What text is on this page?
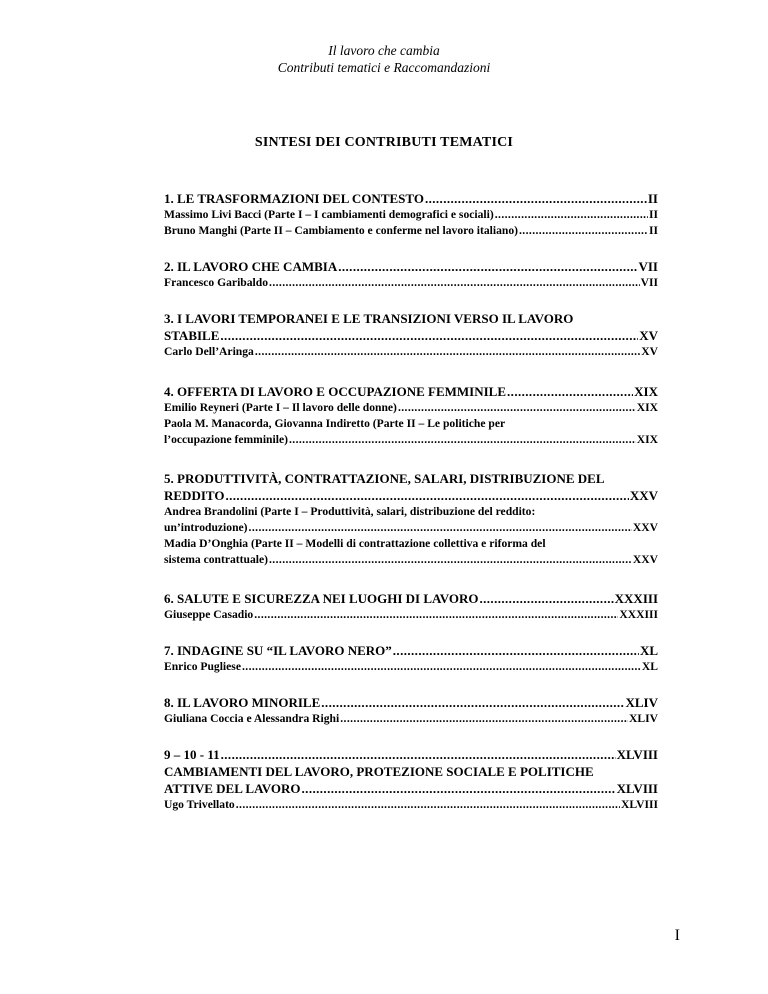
Il lavoro che cambia
Contributi tematici e Raccomandazioni
SINTESI DEI CONTRIBUTI TEMATICI
1. LE TRASFORMAZIONI DEL CONTESTO .....	II
Massimo Livi Bacci (Parte I – I cambiamenti demografici e sociali) .....	II
Bruno Manghi (Parte II – Cambiamento e conferme nel lavoro italiano) .....	II
2. IL LAVORO CHE CAMBIA .....	VII
Francesco Garibaldo .....	VII
3. I LAVORI TEMPORANEI E LE TRANSIZIONI VERSO IL LAVORO
STABILE .....	XV
Carlo Dell’Aringa .....	XV
4. OFFERTA DI LAVORO E OCCUPAZIONE FEMMINILE .....	XIX
Emilio Reyneri (Parte I – Il lavoro delle donne) .....	XIX
Paola M. Manacorda, Giovanna Indiretto (Parte II – Le politiche per
l’occupazione femminile) .....	XIX
5. PRODUTTIVITÀ, CONTRATTAZIONE, SALARI, DISTRIBUZIONE DEL
REDDITO .....	XXV
Andrea Brandolini (Parte I – Produttività, salari, distribuzione del reddito:
un’introduzione) .....	XXV
Madia D’Onghia (Parte II – Modelli di contrattazione collettiva e riforma del
sistema contrattuale) .....	XXV
6. SALUTE E SICUREZZA NEI LUOGHI DI LAVORO .....	XXXIII
Giuseppe Casadio .....	XXXIII
7. INDAGINE SU “IL LAVORO NERO” .....	XL
Enrico Pugliese .....	XL
8. IL LAVORO MINORILE .....	XLIV
Giuliana Coccia e Alessandra Righi .....	XLIV
9 – 10 - 11 .....	XLVIII
CAMBIAMENTI DEL LAVORO, PROTEZIONE SOCIALE E POLITICHE
ATTIVE DEL LAVORO .....	XLVIII
Ugo Trivellato .....	XLVIII
I
